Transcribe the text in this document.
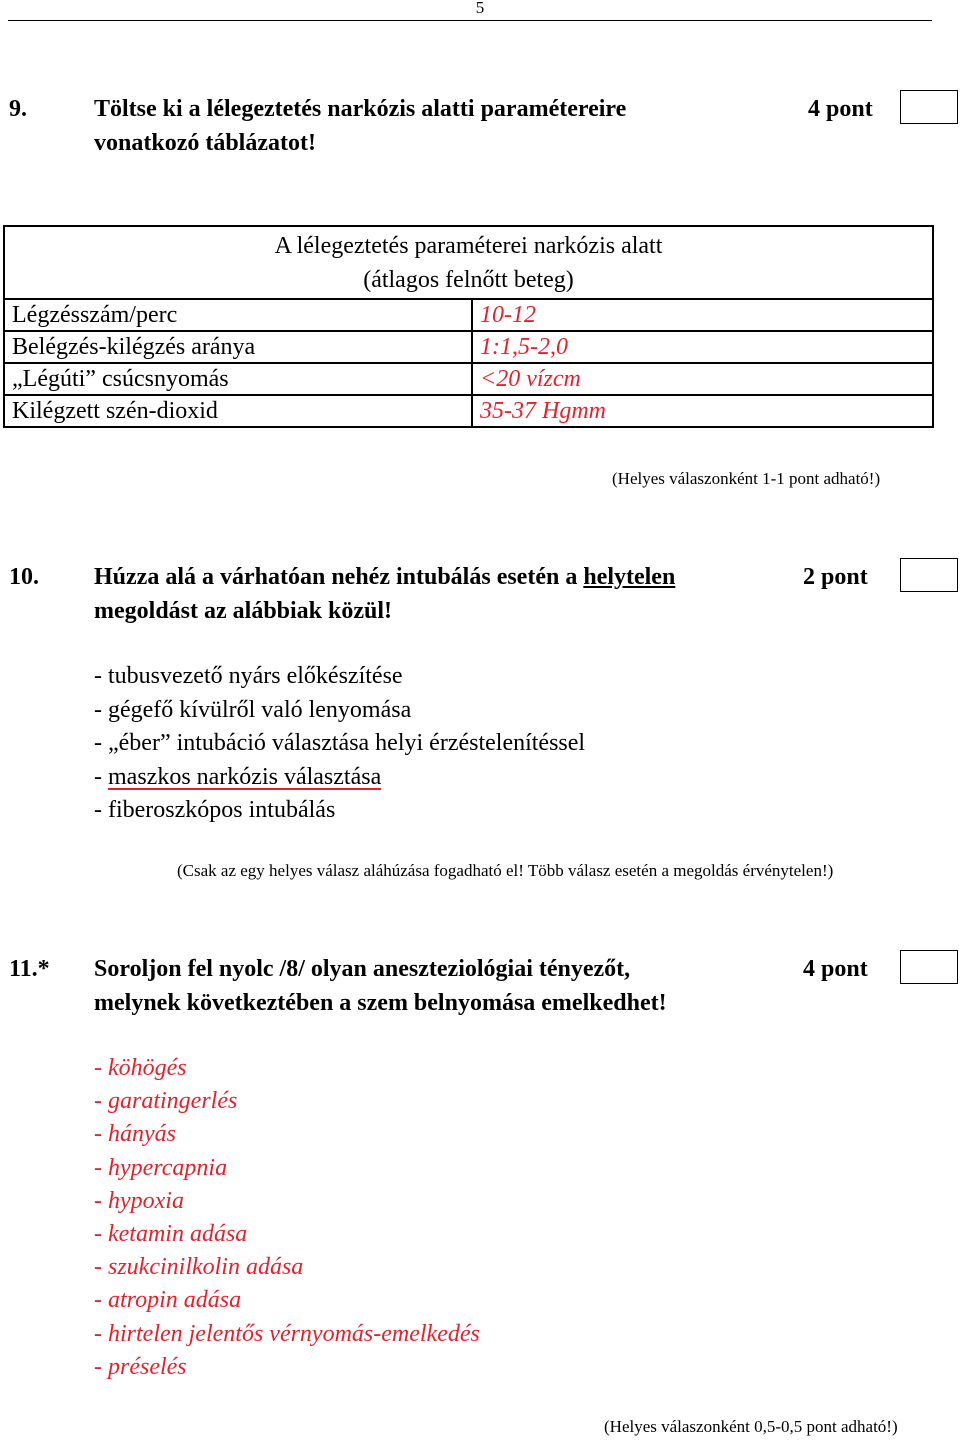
5
9.	Töltse ki a lélegeztetés narkózis alatti paramétereire
vonatkozó táblázatot!
4 pont
A lélegeztetés paraméterei narkózis alatt
(átlagos felnőtt beteg)	

Légzésszám/perc	10-12
Belégzés-kilégzés aránya	1:1,5-2,0
„Légúti” csúcsnyomás	<20 vízcm
Kilégzett szén-dioxid	35-37 Hgmm
(Helyes válaszonként 1-1 pont adható!)
10. Húzza alá a várhatóan nehéz intubálás esetén a helytelen
megoldást az alábbiak közül!
2 pont
- tubusvezető nyárs előkészítése
- gégefő kívülről való lenyomása
- „éber” intubáció választása helyi érzéstelenítéssel
- maszkos narkózis választása
- fiberoszkópos intubálás
(Csak az egy helyes válasz aláhúzása fogadható el! Több válasz esetén a megoldás érvénytelen!)
11.* Soroljon fel nyolc /8/ olyan aneszteziológiai tényezőt,
melynek következtében a szem belnyomása emelkedhet!
4 pont
- köhögés
- garatingerlés
- hányás
- hypercapnia
- hypoxia
- ketamin adása
- szukcinilkolin adása
- atropin adása
- hirtelen jelentős vérnyomás-emelkedés
- préselés
(Helyes válaszonként 0,5-0,5 pont adható!)
